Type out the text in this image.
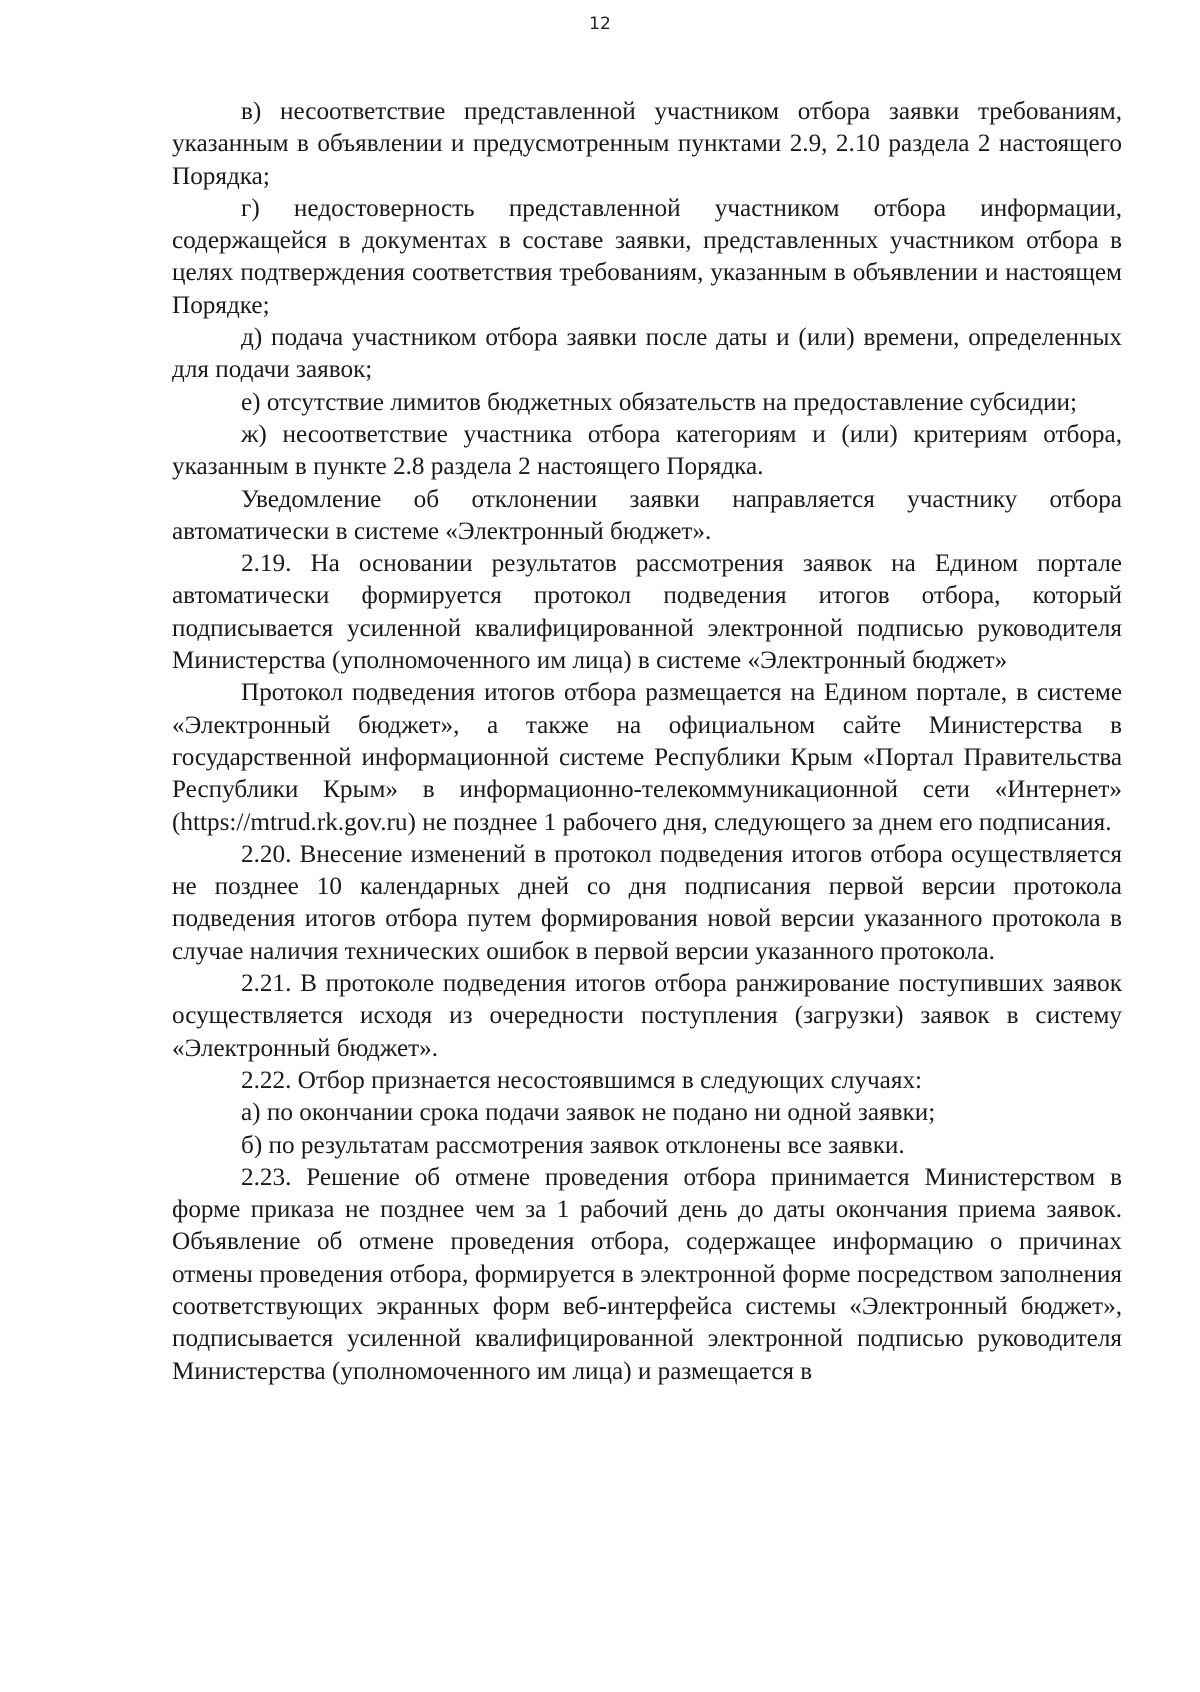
12

в) несоответствие представленной участником отбора заявки требованиям, указанным в объявлении и предусмотренным пунктами 2.9, 2.10 раздела 2 настоящего Порядка;

г) недостоверность представленной участником отбора информации, содержащейся в документах в составе заявки, представленных участником отбора в целях подтверждения соответствия требованиям, указанным в объявлении и настоящем Порядке;

д) подача участником отбора заявки после даты и (или) времени, определенных для подачи заявок;

е) отсутствие лимитов бюджетных обязательств на предоставление субсидии;

ж) несоответствие участника отбора категориям и (или) критериям отбора, указанным в пункте 2.8 раздела 2 настоящего Порядка.

Уведомление об отклонении заявки направляется участнику отбора автоматически в системе «Электронный бюджет».

2.19. На основании результатов рассмотрения заявок на Едином портале автоматически формируется протокол подведения итогов отбора, который подписывается усиленной квалифицированной электронной подписью руководителя Министерства (уполномоченного им лица) в системе «Электронный бюджет»

Протокол подведения итогов отбора размещается на Едином портале, в системе «Электронный бюджет», а также на официальном сайте Министерства в государственной информационной системе Республики Крым «Портал Правительства Республики Крым» в информационно-телекоммуникационной сети «Интернет» (https://mtrud.rk.gov.ru) не позднее 1 рабочего дня, следующего за днем его подписания.

2.20. Внесение изменений в протокол подведения итогов отбора осуществляется не позднее 10 календарных дней со дня подписания первой версии протокола подведения итогов отбора путем формирования новой версии указанного протокола в случае наличия технических ошибок в первой версии указанного протокола.

2.21. В протоколе подведения итогов отбора ранжирование поступивших заявок осуществляется исходя из очередности поступления (загрузки) заявок в систему «Электронный бюджет».

2.22. Отбор признается несостоявшимся в следующих случаях:

а) по окончании срока подачи заявок не подано ни одной заявки;

б) по результатам рассмотрения заявок отклонены все заявки.

2.23. Решение об отмене проведения отбора принимается Министерством в форме приказа не позднее чем за 1 рабочий день до даты окончания приема заявок. Объявление об отмене проведения отбора, содержащее информацию о причинах отмены проведения отбора, формируется в электронной форме посредством заполнения соответствующих экранных форм веб-интерфейса системы «Электронный бюджет», подписывается усиленной квалифицированной электронной подписью руководителя Министерства (уполномоченного им лица) и размещается в
